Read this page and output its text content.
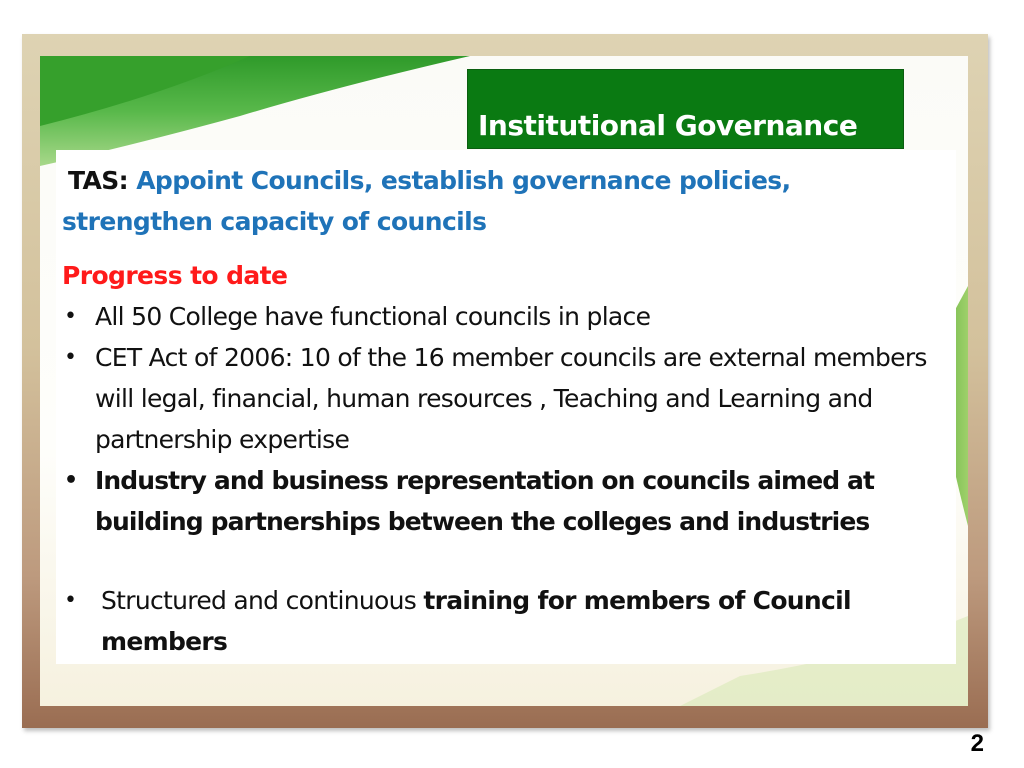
Institutional Governance
TAS: Appoint Councils, establish governance policies, strengthen capacity of councils
Progress to date
• All 50 College have functional councils in place
• CET Act of 2006: 10 of the 16 member councils are external members will legal, financial, human resources , Teaching and Learning and partnership expertise
• Industry and business representation on councils aimed at building partnerships between the colleges and industries
• Structured and continuous training for members of Council members
2
